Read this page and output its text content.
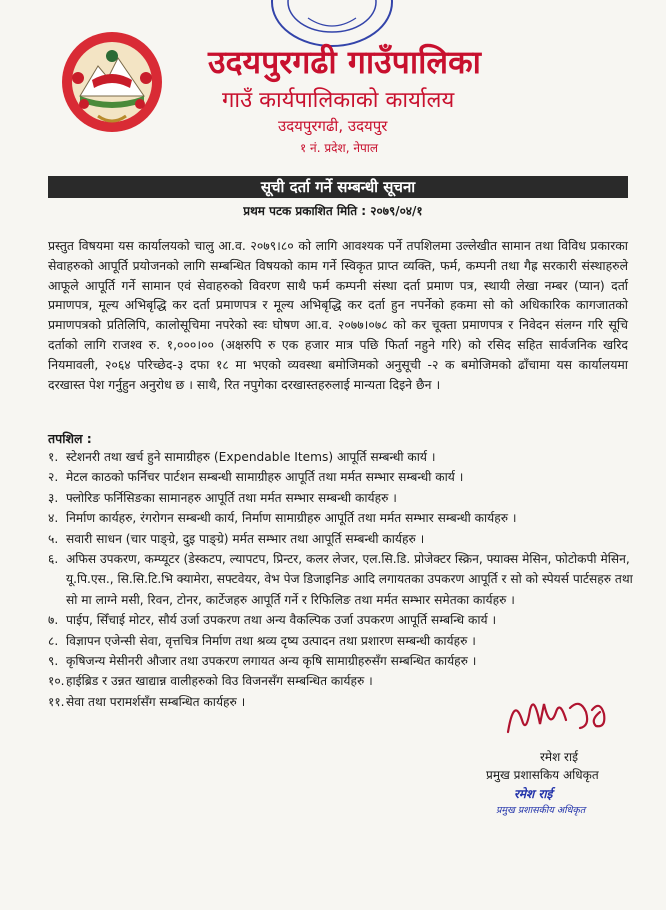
उदयपुरगढी गाउँपालिका
गाउँ कार्यपालिकाको कार्यालय
उदयपुरगढी, उदयपुर
१ नं. प्रदेश, नेपाल
सूची दर्ता गर्ने सम्बन्धी सूचना
प्रथम पटक प्रकाशित मिति : २०७९/०४/१
प्रस्तुत विषयमा यस कार्यालयको चालु आ.व. २०७९।८० को लागि आवश्यक पर्ने तपशिलमा उल्लेखीत सामान तथा विविध प्रकारका सेवाहरुको आपूर्ति प्रयोजनको लागि सम्बन्धित विषयको काम गर्ने स्विकृत प्राप्त व्यक्ति, फर्म, कम्पनी तथा गैह्र सरकारी संस्थाहरुले आफूले आपूर्ति गर्ने सामान एवं सेवाहरुको विवरण साथै फर्म कम्पनी संस्था दर्ता प्रमाण पत्र, स्थायी लेखा नम्बर (प्यान) दर्ता प्रमाणपत्र, मूल्य अभिबृद्धि कर दर्ता प्रमाणपत्र र मूल्य अभिबृद्धि कर दर्ता हुन नपर्नेको हकमा सो को अधिकारिक कागजातको प्रमाणपत्रको प्रतिलिपि, कालोसूचिमा नपरेको स्वः घोषण आ.व. २०७७।०७८ को कर चूक्ता प्रमाणपत्र र निवेदन संलग्न गरि सूचि दर्ताको लागि राजश्व रु. १,०००।०० (अक्षरुपि रु एक हजार मात्र पछि फिर्ता नहुने गरि) को रसिद सहित सार्वजनिक खरिद नियमावली, २०६४ परिच्छेद-३ दफा १८ मा भएको व्यवस्था बमोजिमको अनुसूची -२ क बमोजिमको ढाँचामा यस कार्यालयमा दरखास्त पेश गर्नुहुन अनुरोध छ । साथै, रित नपुगेका दरखास्तहरुलाई मान्यता दिइने छैन ।
तपशिल :
१. स्टेशनरी तथा खर्च हुने सामाग्रीहरु (Expendable Items) आपूर्ति सम्बन्धी कार्य ।
२. मेटल काठको फर्निचर पार्टशन सम्बन्धी सामाग्रीहरु आपूर्ति तथा मर्मत सम्भार सम्बन्धी कार्य ।
३. फ्लोरिङ फर्निसिङका सामानहरु आपूर्ति तथा मर्मत सम्भार सम्बन्धी कार्यहरु ।
४. निर्माण कार्यहरु, रंगरोगन सम्बन्धी कार्य, निर्माण सामाग्रीहरु आपूर्ति तथा मर्मत सम्भार सम्बन्धी कार्यहरु ।
५. सवारी साधन (चार पाङ्ग्रे, दुइ पाङ्ग्रे) मर्मत सम्भार तथा आपूर्ति सम्बन्धी कार्यहरु ।
६. अफिस उपकरण, कम्प्यूटर (डेस्कटप, ल्यापटप, प्रिन्टर, कलर लेजर, एल.सि.डि. प्रोजेक्टर स्क्रिन, फ्याक्स मेसिन, फोटोकपी मेसिन, यू.पि.एस., सि.सि.टि.भि क्यामेरा, सफ्टवेयर, वेभ पेज डिजाइनिङ आदि लगायतका उपकरण आपूर्ति र सो को स्पेयर्स पार्टसहरु तथा सो मा लाग्ने मसी, रिवन, टोनर, कार्टेजहरु आपूर्ति गर्ने र रिफिलिङ तथा मर्मत सम्भार समेतका कार्यहरु ।
७. पाईप, सिँचाई मोटर, सौर्य उर्जा उपकरण तथा अन्य वैकल्पिक उर्जा उपकरण आपूर्ति सम्बन्धि कार्य ।
८. विज्ञापन एजेन्सी सेवा, वृत्तचित्र निर्माण तथा श्रव्य दृष्य उत्पादन तथा प्रशारण सम्बन्धी कार्यहरु ।
९. कृषिजन्य मेसीनरी औजार तथा उपकरण लगायत अन्य कृषि सामाग्रीहरुसँग सम्बन्धित कार्यहरु ।
१०. हाईब्रिड र उन्नत खाद्यान्न वालीहरुको विउ विजनसँग सम्बन्धित कार्यहरु ।
११. सेवा तथा परामर्शसँग सम्बन्धित कार्यहरु ।
रमेश राई
प्रमुख प्रशासकिय अधिकृत
रमेश राई
प्रमुख प्रशासकीय अधिकृत
